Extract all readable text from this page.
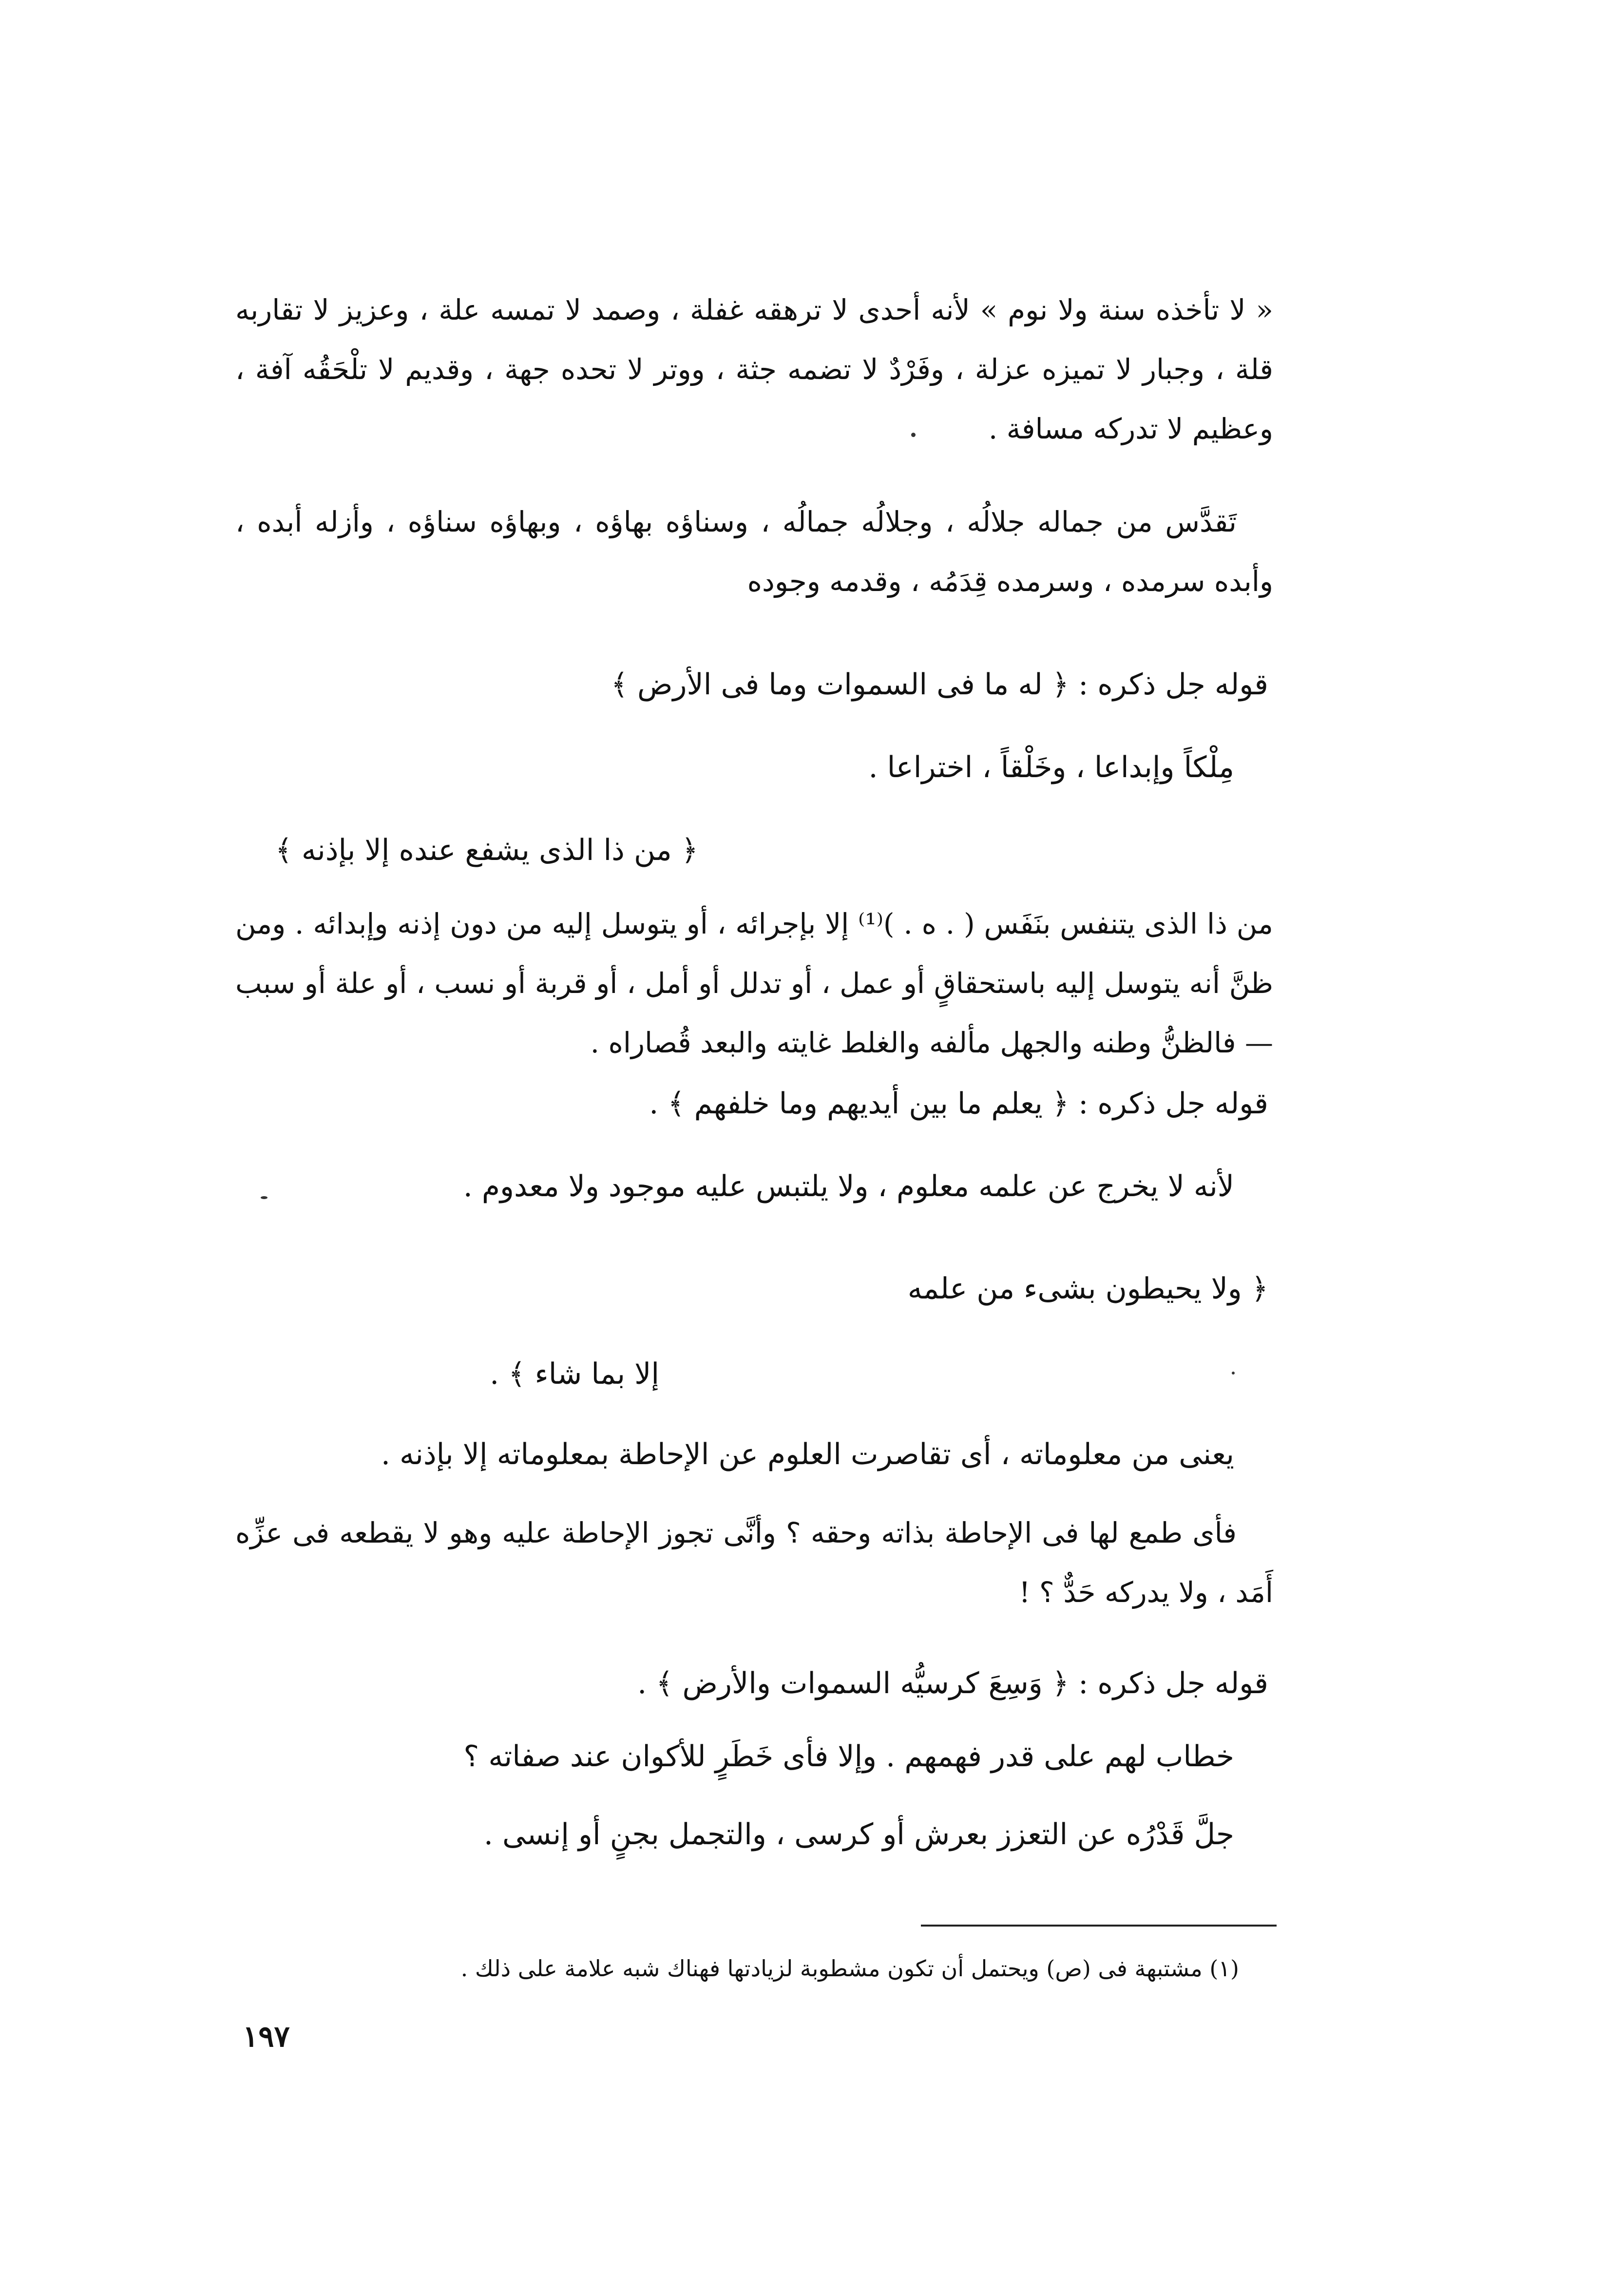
« لا تأخذه سنة ولا نوم » لأنه أحدى لا ترهقه غفلة ، وصمد لا تمسه علة ، وعزيز لا تقاربه قلة ، وجبار لا تميزه عزلة ، وفَرْدٌ لا تضمه جثة ، ووتر لا تحده جهة ، وقديم لا تلْحَقُه آفة ، وعظيم لا تدركه مسافة .

تَقدَّس من جماله جلالُه ، وجلالُه جمالُه ، وسناؤه بهاؤه ، وبهاؤه سناؤه ، وأزله أبده ، وأبده سرمده ، وسرمده قِدَمُه ، وقدمه وجوده

قوله جل ذكره : ﴿ له ما فى السموات وما فى الأرض ﴾

مِلْكاً وإبداعا ، وخَلْقاً ، اختراعا .

﴿ من ذا الذى يشفع عنده إلا بإذنه ﴾

من ذا الذى يتنفس بنَفَس ( . ه . )⁽¹⁾ إلا بإجرائه ، أو يتوسل إليه من دون إذنه وإبدائه . ومن ظنَّ أنه يتوسل إليه باستحقاقٍ أو عمل ، أو تدلل أو أمل ، أو قربة أو نسب ، أو علة أو سبب — فالظنُّ وطنه والجهل مألفه والغلط غايته والبعد قُصاراه .

قوله جل ذكره : ﴿ يعلم ما بين أيديهم وما خلفهم ﴾ .

لأنه لا يخرج عن علمه معلوم ، ولا يلتبس عليه موجود ولا معدوم .

﴿ ولا يحيطون بشىء من علمه

إلا بما شاء ﴾ .

يعنى من معلوماته ، أى تقاصرت العلوم عن الإحاطة بمعلوماته إلا بإذنه .

فأى طمع لها فى الإحاطة بذاته وحقه ؟ وأنَّى تجوز الإحاطة عليه وهو لا يقطعه فى عزِّه أَمَد ، ولا يدركه حَدٌّ ؟ !

قوله جل ذكره : ﴿ وَسِعَ كرسيُّه السموات والأرض ﴾ .

خطاب لهم على قدر فهمهم . وإلا فأى خَطَرٍ للأكوان عند صفاته ؟

جلَّ قَدْرُه عن التعزز بعرش أو كرسى ، والتجمل بجنٍ أو إنسى .

(١) مشتبهة فى (ص) ويحتمل أن تكون مشطوبة لزيادتها فهناك شبه علامة على ذلك .

١٩٧
